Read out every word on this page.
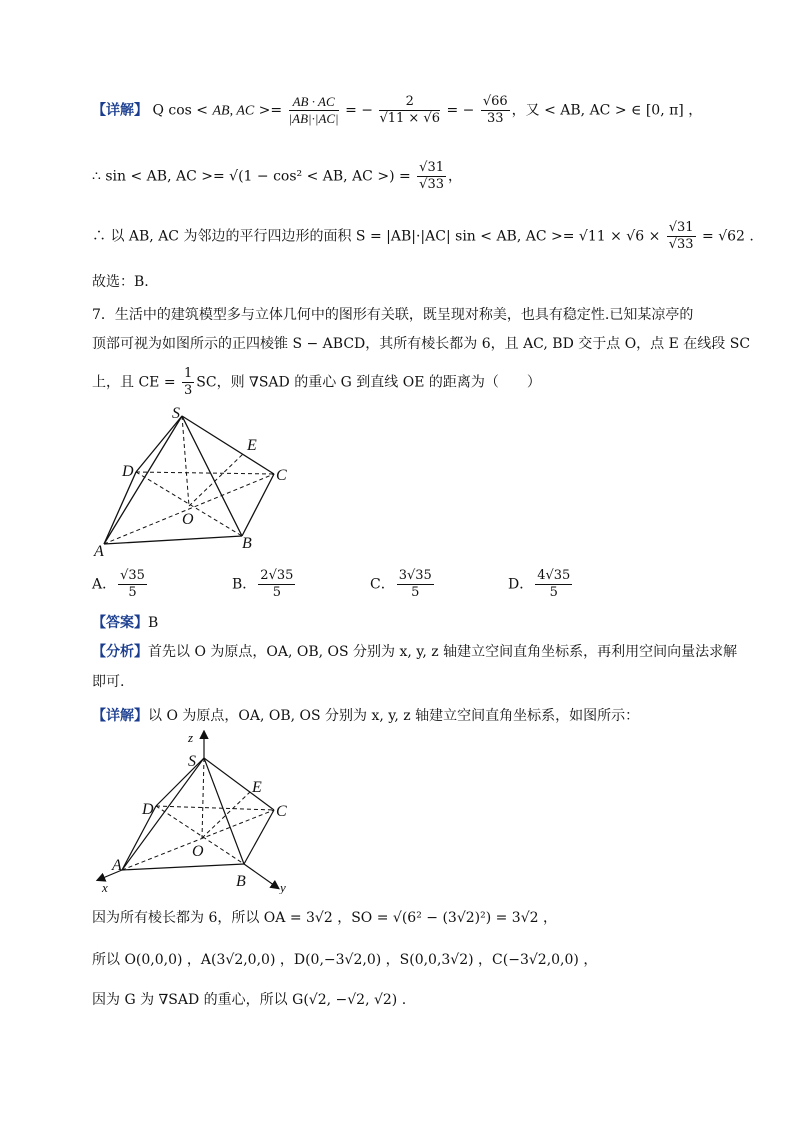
【详解】 Q cos < AB, AC >= $\frac{AB \cdot AC}{|AB|\cdot|AC|}$ = − $\frac{2}{√11 \times √6}$ = − $\frac{√66}{33}$ ，又 < AB, AC > ∈ [0, π] ，
∴ sin < AB, AC >= √(1 − cos² < AB, AC >) = $\frac{√31}{√33}$ ，
∴ 以 AB, AC 为邻边的平行四边形的面积 S = |AB|·|AC| sin < AB, AC >= $√11 \times √6 \times \frac{√31}{√33} = √62$ .
故选：B.
7．生活中的建筑模型多与立体几何中的图形有关联，既呈现对称美，也具有稳定性.已知某凉亭的
顶部可视为如图所示的正四棱锥 S − ABCD，其所有棱长都为 6，且 AC, BD 交于点 O，点 E 在线段 SC
上，且 CE = $\frac{1}{3}$ SC，则 ∇SAD 的重心 G 到直线 OE 的距离为（　　）
S
D
E
C
O
A	B
A． $\frac{√35}{5}$	B． $\frac{2√35}{5}$	C． $\frac{3√35}{5}$	D． $\frac{4√35}{5}$
【答案】B
【分析】首先以 O 为原点，OA, OB, OS 分别为 x, y, z 轴建立空间直角坐标系，再利用空间向量法求解
即可.
【详解】以 O 为原点，OA, OB, OS 分别为 x, y, z 轴建立空间直角坐标系，如图所示：
z
S
D
E
C
O
A
B
x	y
因为所有棱长都为 6，所以 OA = 3√2 ，SO = √(6² − (3√2)²) = 3√2 ，
所以 O(0,0,0) ，A(3√2,0,0) ，D(0,−3√2,0) ，S(0,0,3√2) ，C(−3√2,0,0) ，
因为 G 为 ∇SAD 的重心，所以 G(√2, −√2, √2) .
